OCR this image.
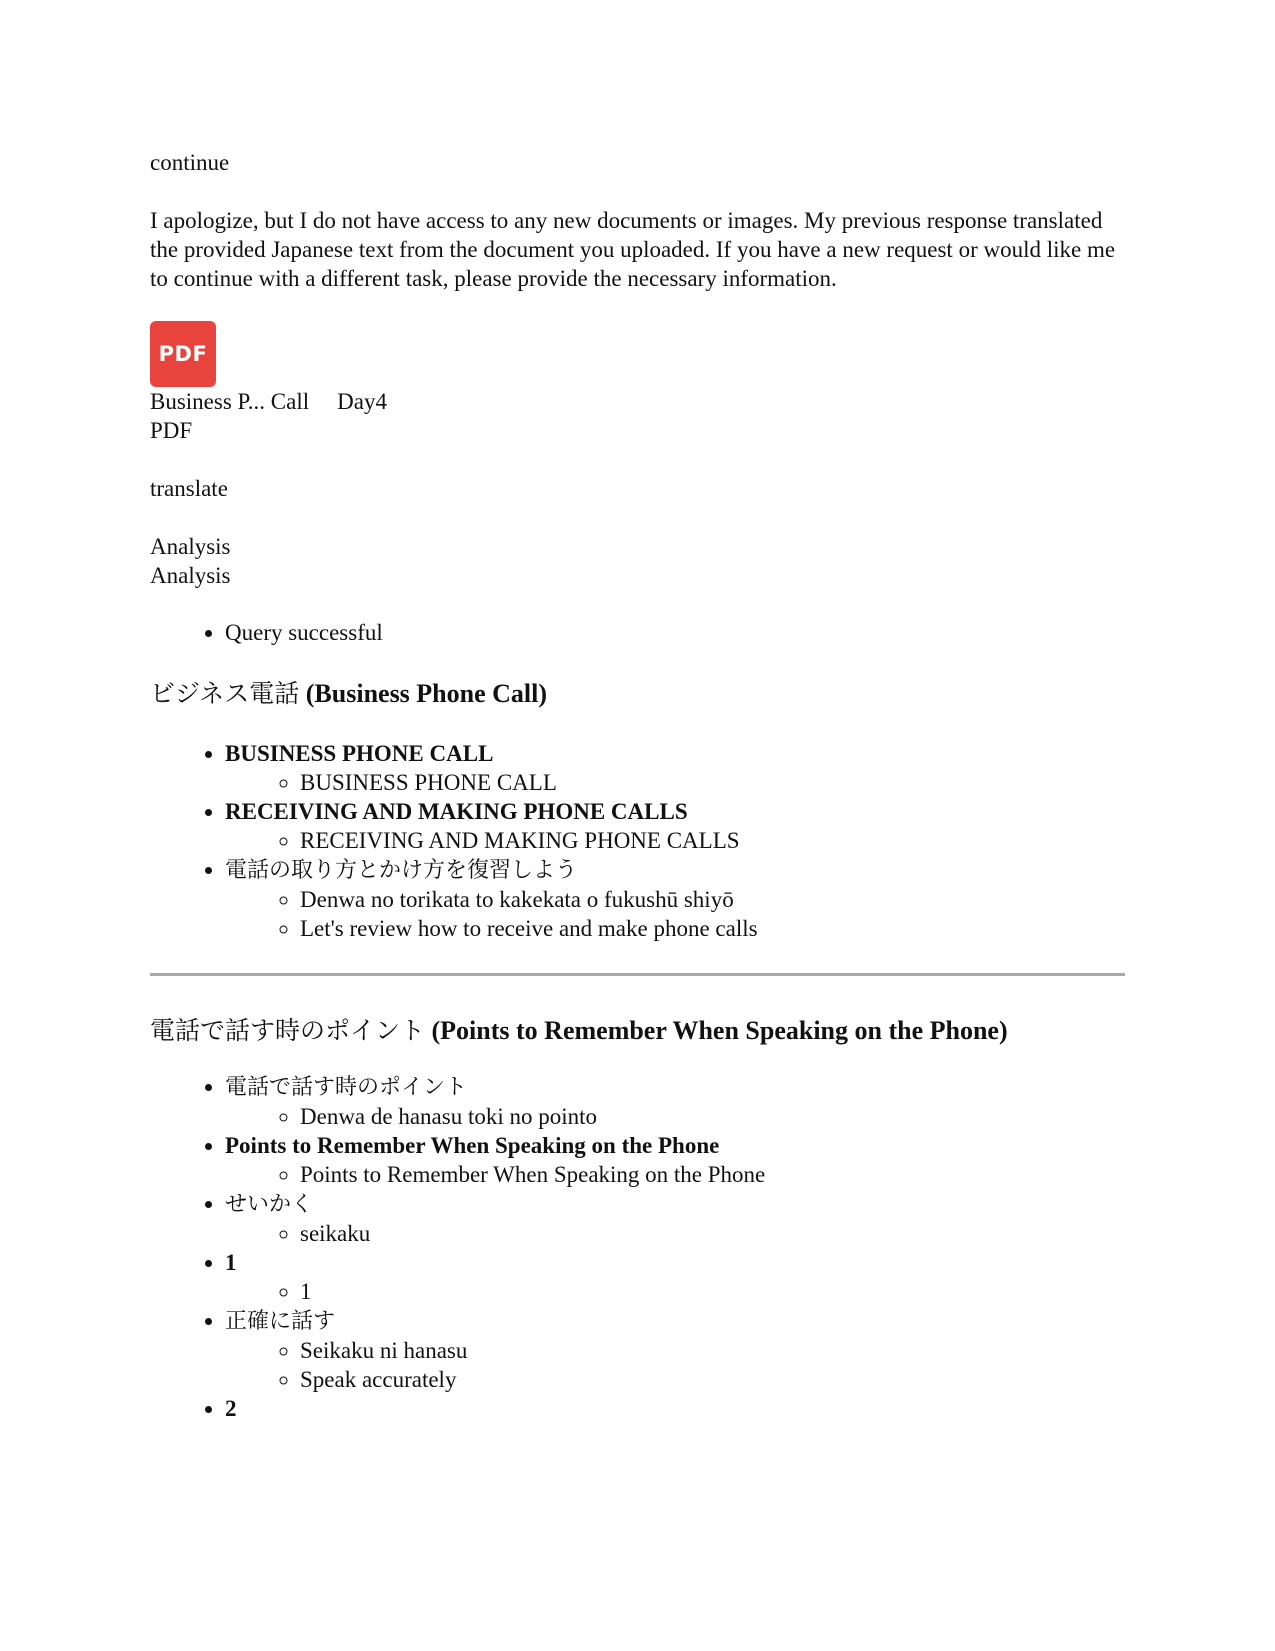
continue

I apologize, but I do not have access to any new documents or images. My previous response translated the provided Japanese text from the document you uploaded. If you have a new request or would like me to continue with a different task, please provide the necessary information.

PDF

Business P... Call Day4

PDF

translate

Analysis

Analysis

• Query successful
ビジネス電話 (Business Phone Call)
• BUSINESS PHONE CALL
◦ BUSINESS PHONE CALL
• RECEIVING AND MAKING PHONE CALLS
◦ RECEIVING AND MAKING PHONE CALLS
• 電話の取り方とかけ方を復習しよう
◦ Denwa no torikata to kakekata o fukushū shiyō
◦ Let's review how to receive and make phone calls
電話で話す時のポイント (Points to Remember When Speaking on the Phone)
• 電話で話す時のポイント
◦ Denwa de hanasu toki no pointo
• Points to Remember When Speaking on the Phone
◦ Points to Remember When Speaking on the Phone
• せいかく
◦ seikaku
• 1
◦ 1
• 正確に話す
◦ Seikaku ni hanasu
◦ Speak accurately
• 2
